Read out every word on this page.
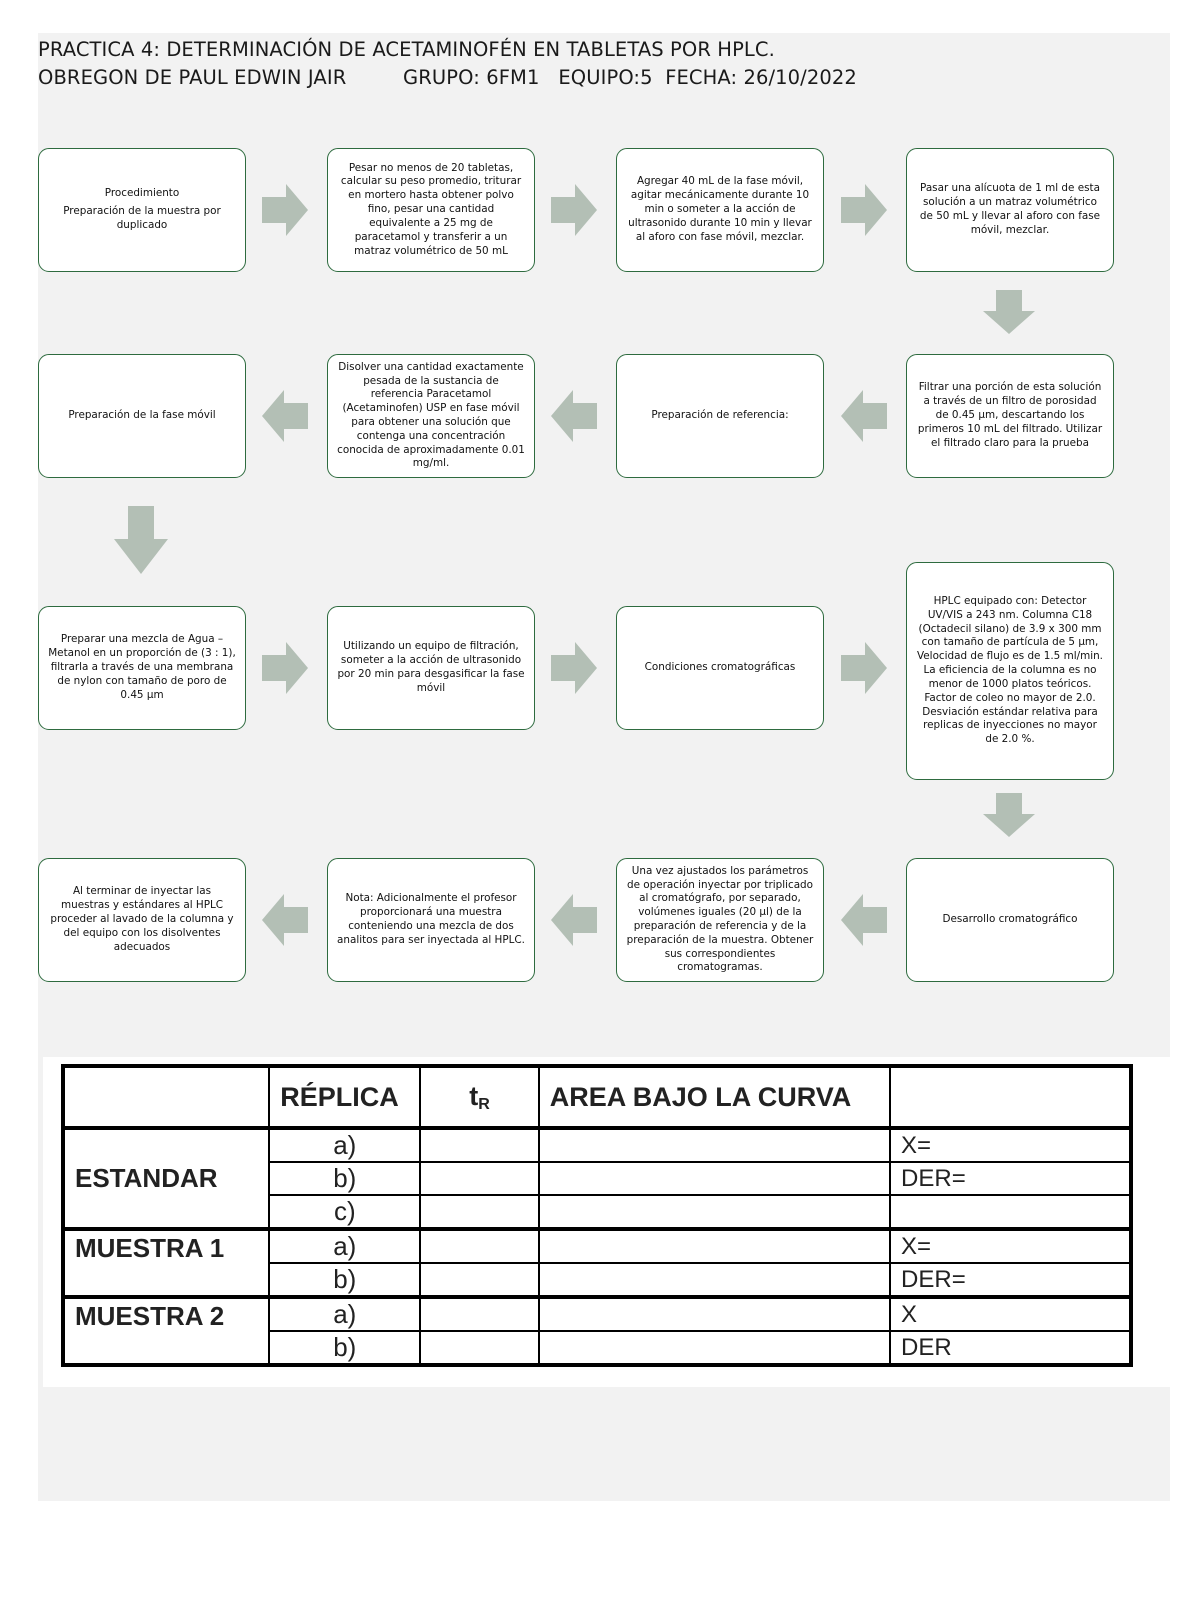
PRACTICA 4: DETERMINACIÓN DE ACETAMINOFÉN EN TABLETAS POR HPLC.
OBREGON DE PAUL EDWIN JAIR         GRUPO: 6FM1   EQUIPO:5  FECHA: 26/10/2022
Procedimiento
Preparación de la muestra por duplicado
Pesar no menos de 20 tabletas, calcular su peso promedio, triturar en mortero hasta obtener polvo fino, pesar una cantidad equivalente a 25 mg de paracetamol y transferir a un matraz volumétrico de 50 mL
Agregar 40 mL de la fase móvil, agitar mecánicamente durante 10 min o someter a la acción de ultrasonido durante 10 min y llevar al aforo con fase móvil, mezclar.
Pasar una alícuota de 1 ml de esta solución a un matraz volumétrico de 50 mL y llevar al aforo con fase móvil, mezclar.
Preparación de la fase móvil
Disolver una cantidad exactamente pesada de la sustancia de referencia Paracetamol (Acetaminofen) USP en fase móvil para obtener una solución que contenga una concentración conocida de aproximadamente 0.01 mg/ml.
Preparación de referencia:
Filtrar una porción de esta solución a través de un filtro de porosidad de 0.45 µm, descartando los primeros 10 mL del filtrado. Utilizar el filtrado claro para la prueba
Preparar una mezcla de Agua – Metanol en un proporción de (3 : 1), filtrarla a través de una membrana de nylon con tamaño de poro de 0.45 µm
Utilizando un equipo de filtración, someter a la acción de ultrasonido por 20 min para desgasificar la fase móvil
Condiciones cromatográficas
HPLC equipado con: Detector UV/VIS a 243 nm. Columna C18 (Octadecil silano) de 3.9 x 300 mm con tamaño de partícula de 5 µm, Velocidad de flujo es de 1.5 ml/min. La eficiencia de la columna es no menor de 1000 platos teóricos. Factor de coleo no mayor de 2.0. Desviación estándar relativa para replicas de inyecciones no mayor de 2.0 %.
Al terminar de inyectar las muestras y estándares al HPLC proceder al lavado de la columna y del equipo con los disolventes adecuados
Nota: Adicionalmente el profesor proporcionará una muestra conteniendo una mezcla de dos analitos para ser inyectada al HPLC.
Una vez ajustados los parámetros de operación inyectar por triplicado al cromatógrafo, por separado, volúmenes iguales (20 µl) de la preparación de referencia y de la preparación de la muestra. Obtener sus correspondientes cromatogramas.
Desarrollo cromatográfico
	RÉPLICA	$t_R$	AREA BAJO LA CURVA	
ESTANDAR	a)			X=
	b)			DER=
	c)			
MUESTRA 1	a)			X=
	b)			DER=
MUESTRA 2	a)			X
	b)			DER
